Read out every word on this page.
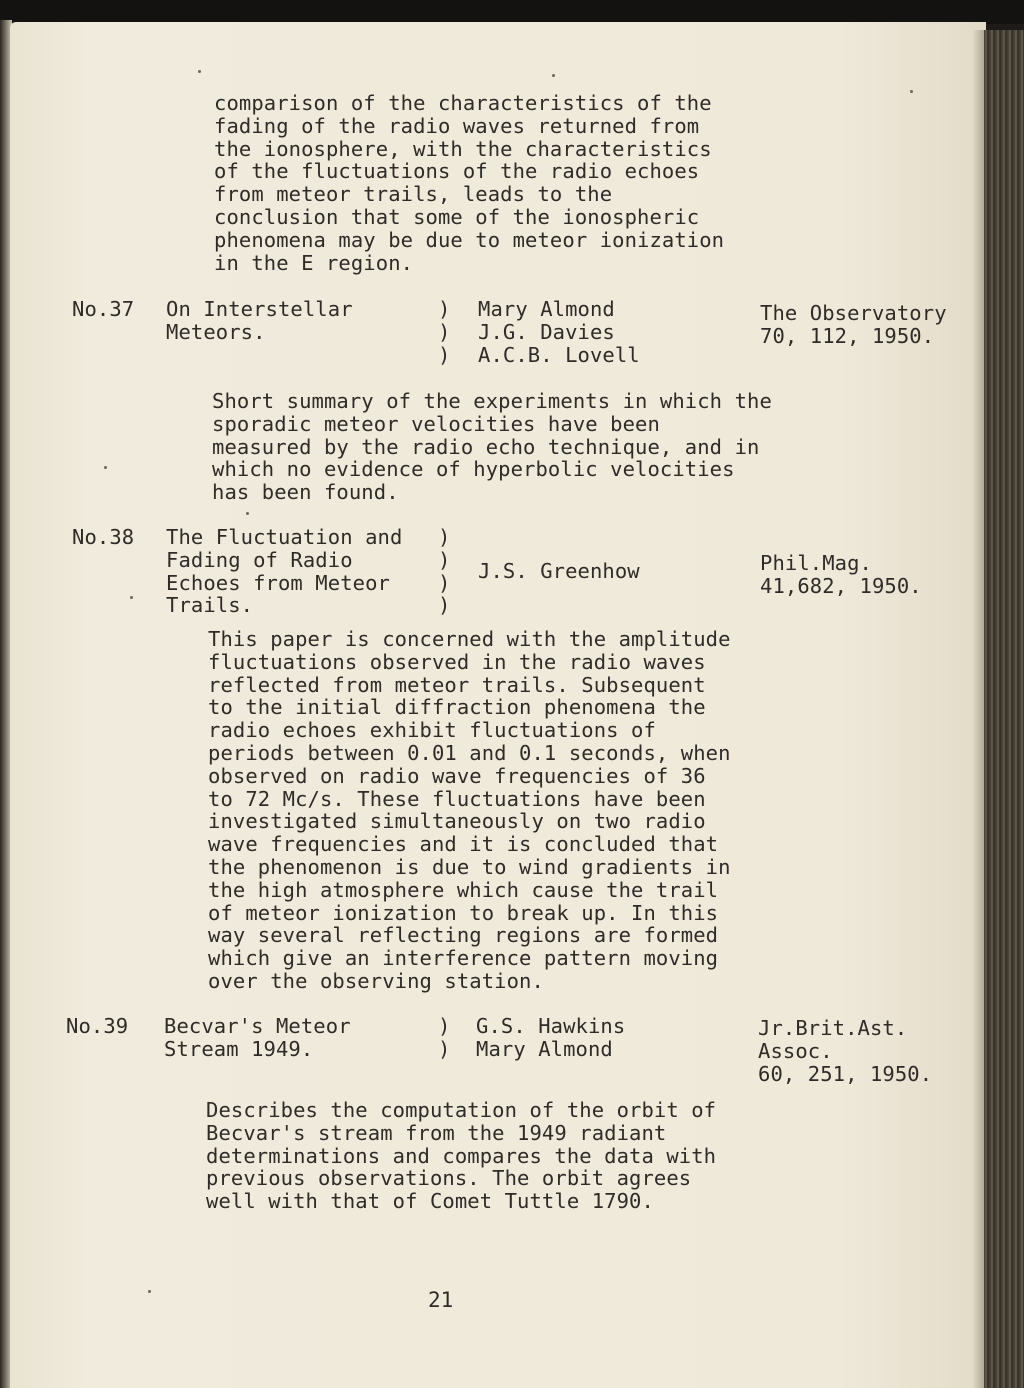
comparison of the characteristics of the
fading of the radio waves returned from
the ionosphere, with the characteristics
of the fluctuations of the radio echoes
from meteor trails, leads to the
conclusion that some of the ionospheric
phenomena may be due to meteor ionization
in the E region.
No.37 On Interstellar
Meteors.
)
)
)
Mary Almond
J.G. Davies
A.C.B. Lovell
The Observatory
70, 112, 1950.
Short summary of the experiments in which the
sporadic meteor velocities have been
measured by the radio echo technique, and in
which no evidence of hyperbolic velocities
has been found.
No.38 The Fluctuation and
Fading of Radio
Echoes from Meteor
Trails.
)
)
)
)
J.S. Greenhow	Phil.Mag.
41,682, 1950.
This paper is concerned with the amplitude
fluctuations observed in the radio waves
reflected from meteor trails. Subsequent
to the initial diffraction phenomena the
radio echoes exhibit fluctuations of
periods between 0.01 and 0.1 seconds, when
observed on radio wave frequencies of 36
to 72 Mc/s. These fluctuations have been
investigated simultaneously on two radio
wave frequencies and it is concluded that
the phenomenon is due to wind gradients in
the high atmosphere which cause the trail
of meteor ionization to break up. In this
way several reflecting regions are formed
which give an interference pattern moving
over the observing station.
No.39 Becvar's Meteor
Stream 1949.
)
)
G.S. Hawkins
Mary Almond
Jr.Brit.Ast.
Assoc.
60, 251, 1950.
Describes the computation of the orbit of
Becvar's stream from the 1949 radiant
determinations and compares the data with
previous observations. The orbit agrees
well with that of Comet Tuttle 1790.
21
